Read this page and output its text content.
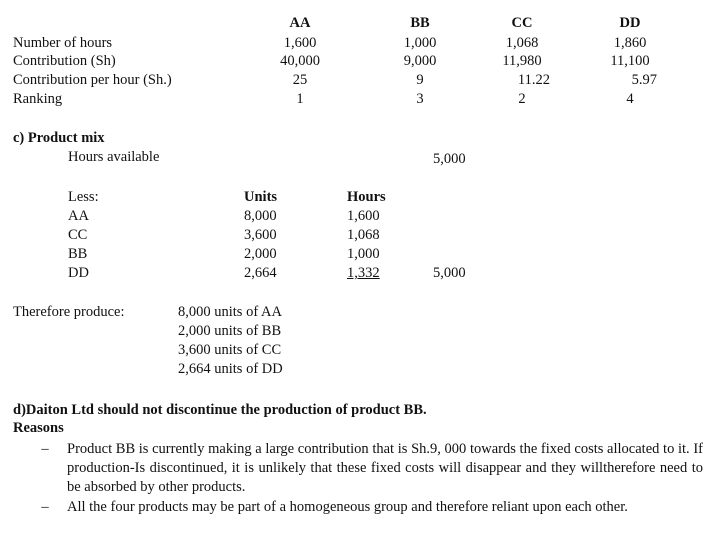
AA	BB	CC	DD
Number of hours	1,600	1,000	1,068	1,860
Contribution (Sh)	40,000	9,000	11,980	11,100
Contribution per hour (Sh.)	25	9	11.22	5.97
Ranking	1	3	2	4
c) Product mix
Hours available	5,000
Less:	Units	Hours
AA	8,000	1,600
CC	3,600	1,068
BB	2,000	1,000
DD	2,664	1,332	5,000
Therefore produce:	8,000 units of AA
2,000 units of BB
3,600 units of CC
2,664 units of DD
d)Daiton Ltd should not discontinue the production of product BB.
Reasons
– Product BB is currently making a large contribution that is Sh.9, 000 towards the fixed costs allocated to it. If production-Is discontinued, it is unlikely that these fixed costs will disappear and they willtherefore need to be absorbed by other products.
– All the four products may be part of a homogeneous group and therefore reliant upon each other.
